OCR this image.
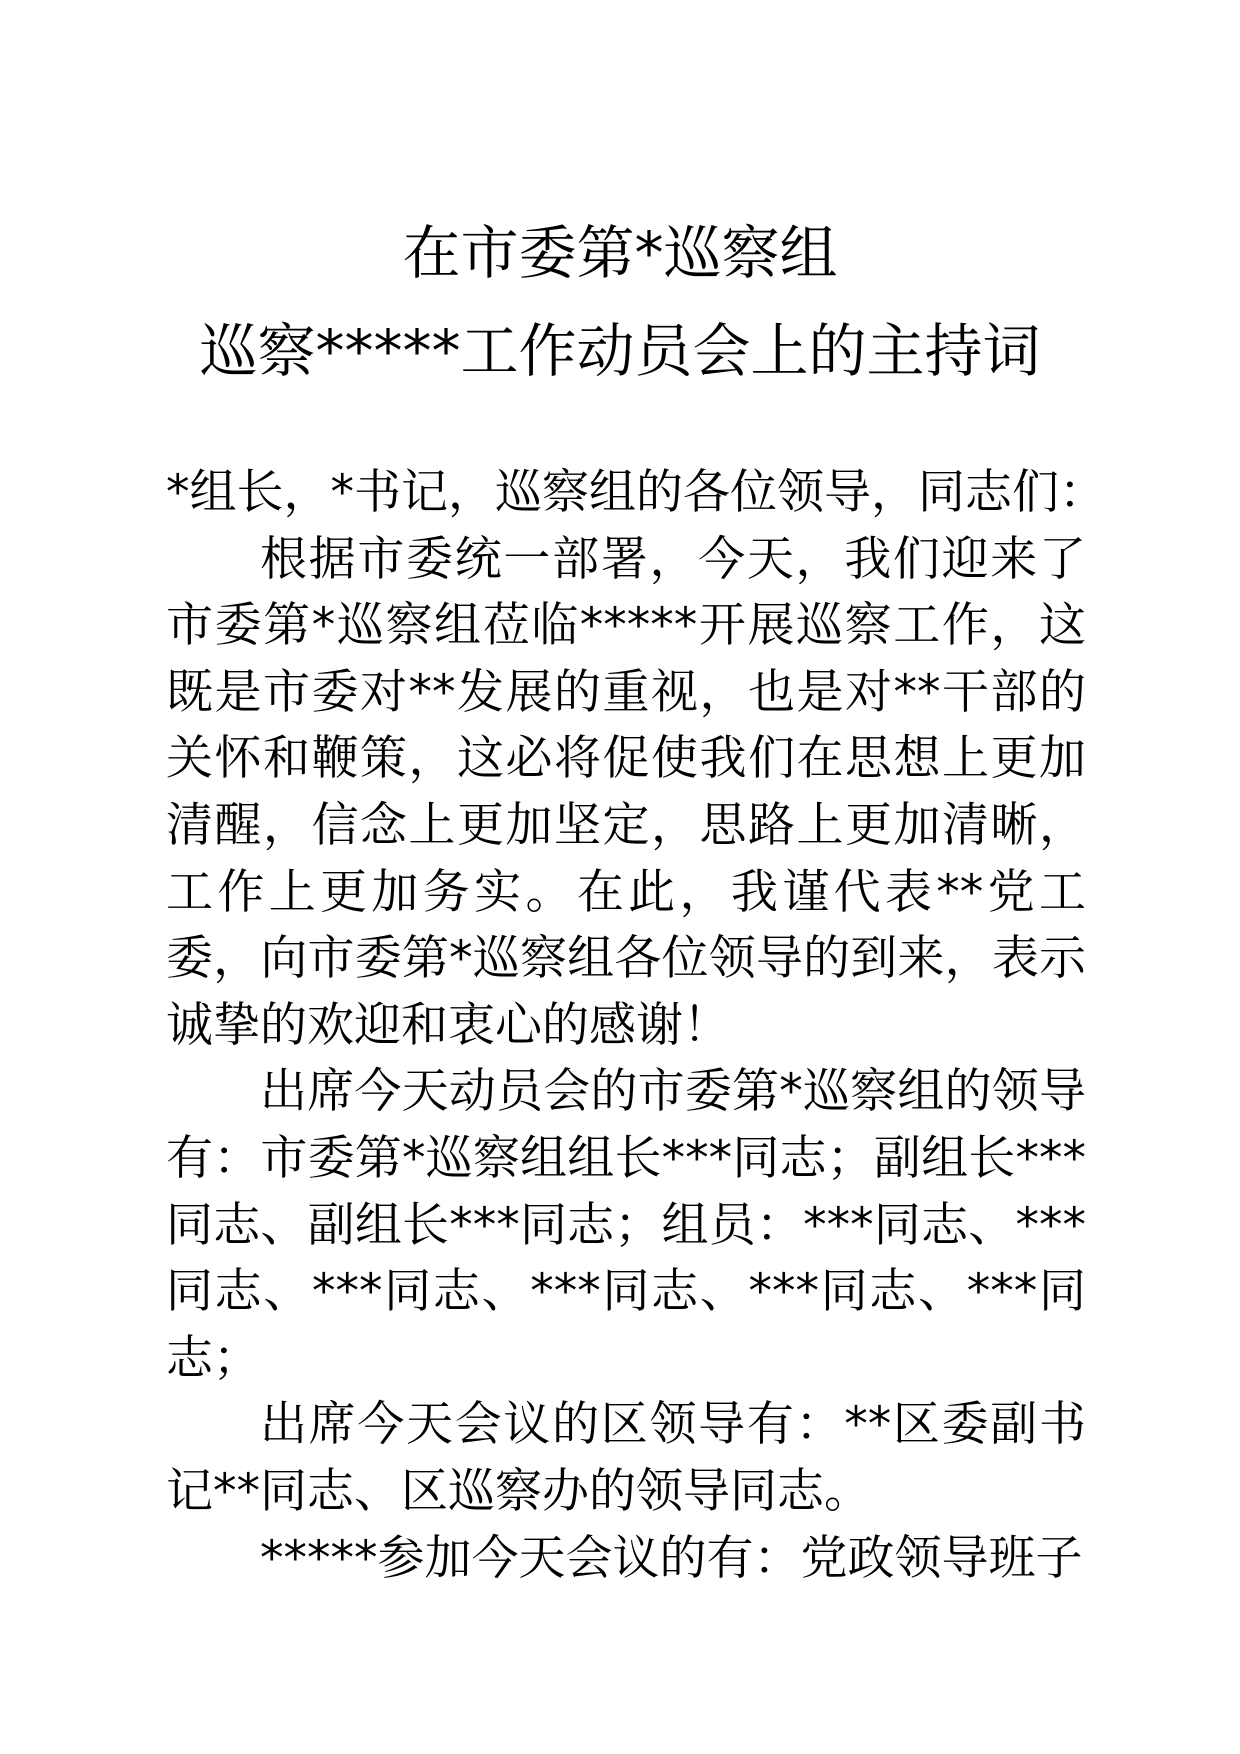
在市委第*巡察组
巡察*****工作动员会上的主持词

*组长，*书记，巡察组的各位领导，同志们：

根据市委统一部署，今天，我们迎来了市委第*巡察组莅临*****开展巡察工作，这既是市委对**发展的重视，也是对**干部的关怀和鞭策，这必将促使我们在思想上更加清醒，信念上更加坚定，思路上更加清晰，工作上更加务实。在此，我谨代表**党工委，向市委第*巡察组各位领导的到来，表示诚挚的欢迎和衷心的感谢！

出席今天动员会的市委第*巡察组的领导有：市委第*巡察组组长***同志；副组长***同志、副组长***同志；组员：***同志、***同志、***同志、***同志、***同志、***同志；

出席今天会议的区领导有：**区委副书记**同志、区巡察办的领导同志。

*****参加今天会议的有：党政领导班子
